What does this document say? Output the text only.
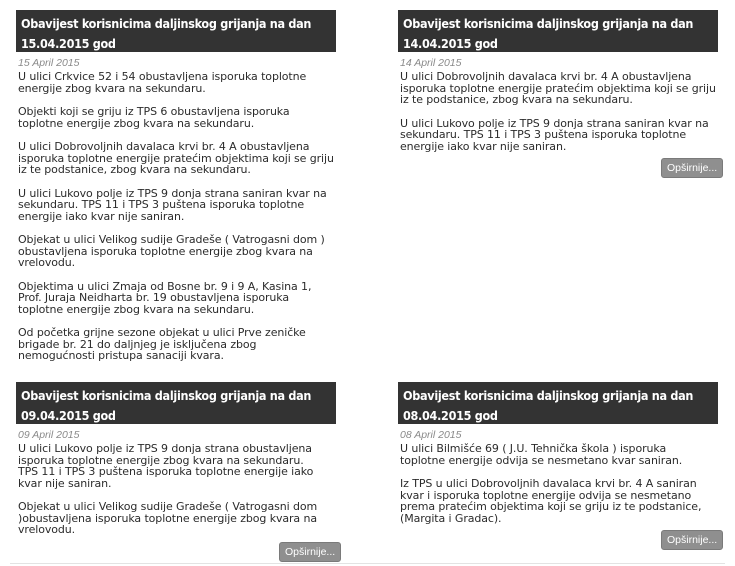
Obavijest korisnicima daljinskog grijanja na dan
15.04.2015 god
15 April 2015

U ulici Crkvice 52 i 54 obustavljena isporuka toplotne
energije zbog kvara na sekundaru.

Objekti koji se griju iz TPS 6 obustavljena isporuka
toplotne energije zbog kvara na sekundaru.

U ulici Dobrovoljnih davalaca krvi br. 4 A obustavljena
isporuka toplotne energije pratećim objektima koji se griju
iz te podstanice, zbog kvara na sekundaru.

U ulici Lukovo polje iz TPS 9 donja strana saniran kvar na
sekundaru. TPS 11 i TPS 3 puštena isporuka toplotne
energije iako kvar nije saniran.

Objekat u ulici Velikog sudije Gradeše ( Vatrogasni dom )
obustavljena isporuka toplotne energije zbog kvara na
vrelovodu.

Objektima u ulici Zmaja od Bosne br. 9 i 9 A, Kasina 1,
Prof. Juraja Neidharta br. 19 obustavljena isporuka
toplotne energije zbog kvara na sekundaru.

Od početka grijne sezone objekat u ulici Prve zeničke
brigade br. 21 do daljnjeg je isključena zbog
nemogućnosti pristupa sanaciji kvara.

Obavijest korisnicima daljinskog grijanja na dan
14.04.2015 god
14 April 2015

U ulici Dobrovoljnih davalaca krvi br. 4 A obustavljena
isporuka toplotne energije pratećim objektima koji se griju
iz te podstanice, zbog kvara na sekundaru.

U ulici Lukovo polje iz TPS 9 donja strana saniran kvar na
sekundaru. TPS 11 i TPS 3 puštena isporuka toplotne
energije iako kvar nije saniran.

Opširnije...
Obavijest korisnicima daljinskog grijanja na dan
09.04.2015 god
09 April 2015

U ulici Lukovo polje iz TPS 9 donja strana obustavljena
isporuka toplotne energije zbog kvara na sekundaru.
TPS 11 i TPS 3 puštena isporuka toplotne energije iako
kvar nije saniran.

Objekat u ulici Velikog sudije Gradeše ( Vatrogasni dom
)obustavljena isporuka toplotne energije zbog kvara na
vrelovodu.

Opširnije...
Obavijest korisnicima daljinskog grijanja na dan
08.04.2015 god
08 April 2015

U ulici Bilmišće 69 ( J.U. Tehnička škola ) isporuka
toplotne energije odvija se nesmetano kvar saniran.

Iz TPS u ulici Dobrovoljnih davalaca krvi br. 4 A saniran
kvar i isporuka toplotne energije odvija se nesmetano
prema pratećim objektima koji se griju iz te podstanice,
(Margita i Gradac).

Opširnije...
